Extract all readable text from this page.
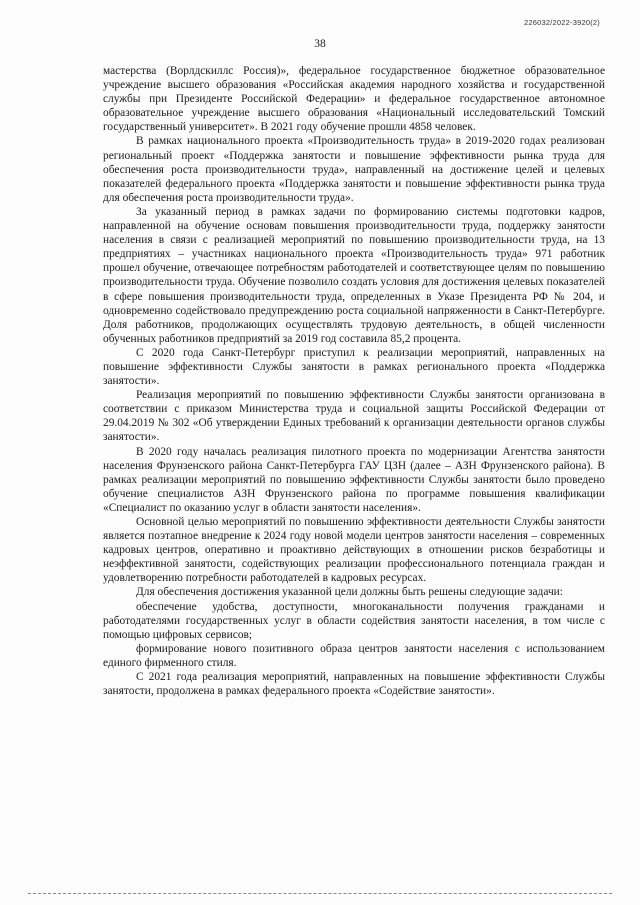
226032/2022-3920(2)
38

мастерства (Ворлдскиллс Россия)», федеральное государственное бюджетное образовательное учреждение высшего образования «Российская академия народного хозяйства и государственной службы при Президенте Российской Федерации» и федеральное государственное автономное образовательное учреждение высшего образования «Национальный исследовательский Томский государственный университет». В 2021 году обучение прошли 4858 человек.

В рамках национального проекта «Производительность труда» в 2019-2020 годах реализован региональный проект «Поддержка занятости и повышение эффективности рынка труда для обеспечения роста производительности труда», направленный на достижение целей и целевых показателей федерального проекта «Поддержка занятости и повышение эффективности рынка труда для обеспечения роста производительности труда».

За указанный период в рамках задачи по формированию системы подготовки кадров, направленной на обучение основам повышения производительности труда, поддержку занятости населения в связи с реализацией мероприятий по повышению производительности труда, на 13 предприятиях – участниках национального проекта «Производительность труда» 971 работник прошел обучение, отвечающее потребностям работодателей и соответствующее целям по повышению производительности труда. Обучение позволило создать условия для достижения целевых показателей в сфере повышения производительности труда, определенных в Указе Президента РФ № 204, и одновременно содействовало предупреждению роста социальной напряженности в Санкт-Петербурге. Доля работников, продолжающих осуществлять трудовую деятельность, в общей численности обученных работников предприятий за 2019 год составила 85,2 процента.

С 2020 года Санкт-Петербург приступил к реализации мероприятий, направленных на повышение эффективности Службы занятости в рамках регионального проекта «Поддержка занятости».

Реализация мероприятий по повышению эффективности Службы занятости организована в соответствии с приказом Министерства труда и социальной защиты Российской Федерации от 29.04.2019 № 302 «Об утверждении Единых требований к организации деятельности органов службы занятости».

В 2020 году началась реализация пилотного проекта по модернизации Агентства занятости населения Фрунзенского района Санкт-Петербурга ГАУ ЦЗН (далее – АЗН Фрунзенского района). В рамках реализации мероприятий по повышению эффективности Службы занятости было проведено обучение специалистов АЗН Фрунзенского района по программе повышения квалификации «Специалист по оказанию услуг в области занятости населения».

Основной целью мероприятий по повышению эффективности деятельности Службы занятости является поэтапное внедрение к 2024 году новой модели центров занятости населения – современных кадровых центров, оперативно и проактивно действующих в отношении рисков безработицы и неэффективной занятости, содействующих реализации профессионального потенциала граждан и удовлетворению потребности работодателей в кадровых ресурсах.

Для обеспечения достижения указанной цели должны быть решены следующие задачи:

обеспечение удобства, доступности, многоканальности получения гражданами и работодателями государственных услуг в области содействия занятости населения, в том числе с помощью цифровых сервисов;

формирование нового позитивного образа центров занятости населения с использованием единого фирменного стиля.

С 2021 года реализация мероприятий, направленных на повышение эффективности Службы занятости, продолжена в рамках федерального проекта «Содействие занятости».
